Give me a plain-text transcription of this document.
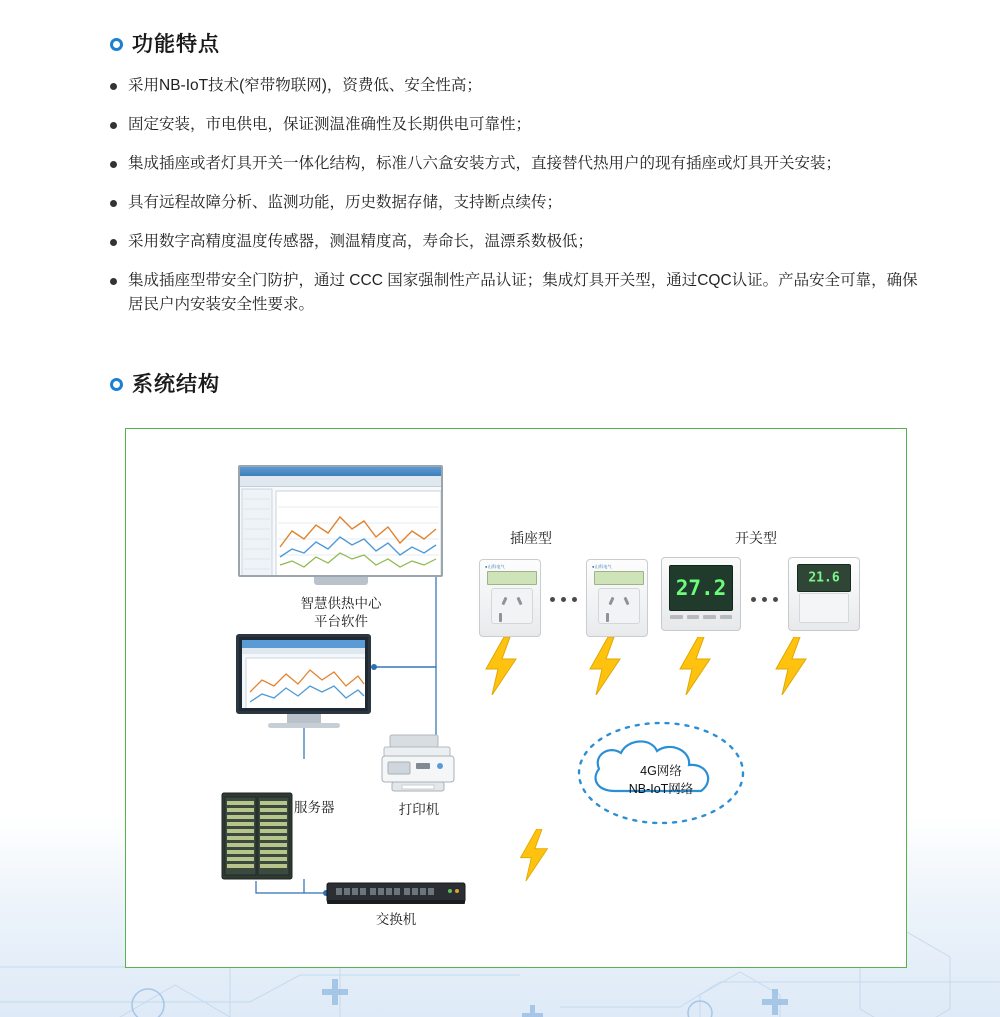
功能特点
采用NB-IoT技术(窄带物联网)，资费低、安全性高；
固定安装，市电供电，保证测温准确性及长期供电可靠性；
集成插座或者灯具开关一体化结构，标准八六盒安装方式，直接替代热用户的现有插座或灯具开关安装；
具有远程故障分析、监测功能，历史数据存储，支持断点续传；
采用数字高精度温度传感器，测温精度高，寿命长，温漂系数极低；
集成插座型带安全门防护，通过 CCC 国家强制性产品认证；集成灯具开关型，通过CQC认证。产品安全可靠，确保居民户内安装安全性要求。
系统结构
智慧供热中心
平台软件
打印机
服务器
交换机
插座型	开关型
●山科电气	●山科电气
27.2	21.6
4G网络
NB-IoT网络
